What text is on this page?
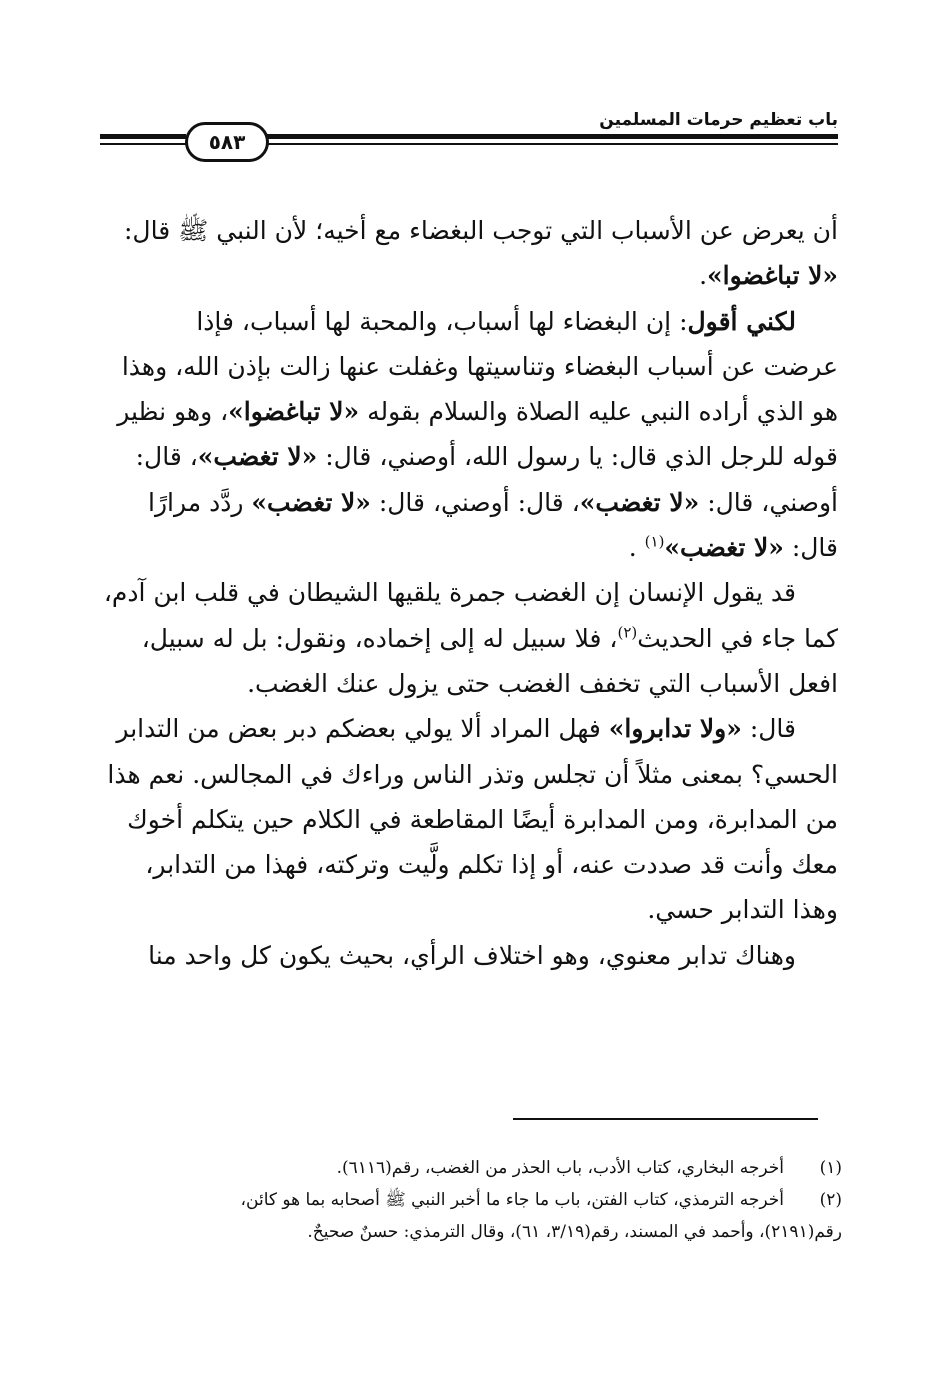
باب تعظيم حرمات المسلمين
٥٨٣
أن يعرض عن الأسباب التي توجب البغضاء مع أخيه؛ لأن النبي ﷺ قال:
«لا تباغضوا».
لكني أقول: إن البغضاء لها أسباب، والمحبة لها أسباب، فإذا
عرضت عن أسباب البغضاء وتناسيتها وغفلت عنها زالت بإذن الله، وهذا
هو الذي أراده النبي عليه الصلاة والسلام بقوله «لا تباغضوا»، وهو نظير
قوله للرجل الذي قال: يا رسول الله، أوصني، قال: «لا تغضب»، قال:
أوصني، قال: «لا تغضب»، قال: أوصني، قال: «لا تغضب» ردَّد مرارًا
قال: «لا تغضب»$^{(١)}$ .
قد يقول الإنسان إن الغضب جمرة يلقيها الشيطان في قلب ابن آدم،
كما جاء في الحديث$^{(٢)}$، فلا سبيل له إلى إخماده، ونقول: بل له سبيل،
افعل الأسباب التي تخفف الغضب حتى يزول عنك الغضب.
قال: «ولا تدابروا» فهل المراد ألا يولي بعضكم دبر بعض من التدابر
الحسي؟ بمعنى مثلاً أن تجلس وتذر الناس وراءك في المجالس. نعم هذا
من المدابرة، ومن المدابرة أيضًا المقاطعة في الكلام حين يتكلم أخوك
معك وأنت قد صددت عنه، أو إذا تكلم ولَّيت وتركته، فهذا من التدابر،
وهذا التدابر حسي.
وهناك تدابر معنوي، وهو اختلاف الرأي، بحيث يكون كل واحد منا
(١)
أخرجه البخاري، كتاب الأدب، باب الحذر من الغضب، رقم(٦١١٦).
(٢)
أخرجه الترمذي، كتاب الفتن، باب ما جاء ما أخبر النبي ﷺ أصحابه بما هو كائن،
رقم(٢١٩١)، وأحمد في المسند، رقم(٣/١٩، ٦١)، وقال الترمذي: حسنٌ صحيحٌ.
